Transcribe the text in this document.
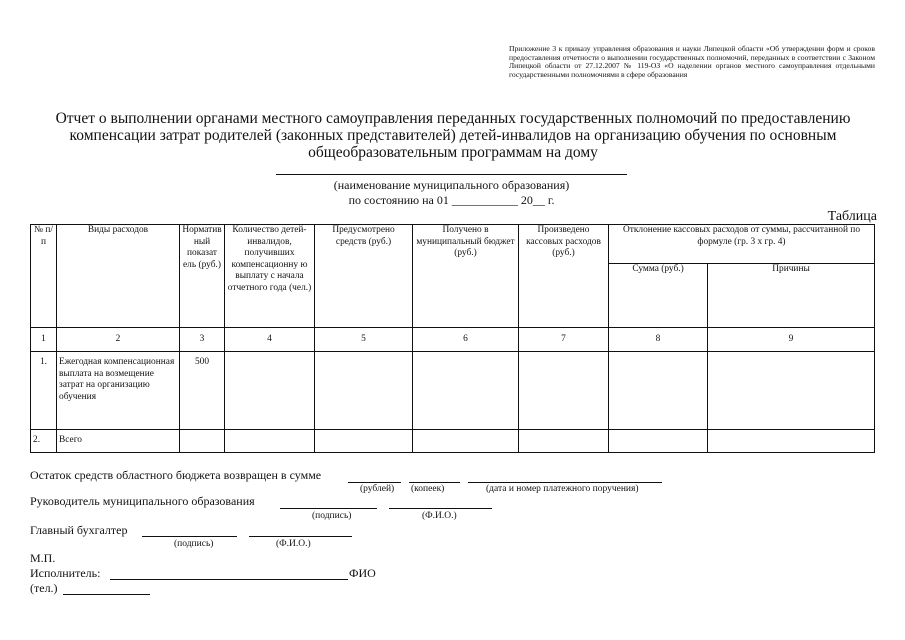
Приложение 3 к приказу управления образования и науки Липецкой области «Об утверждении форм и сроков предоставления отчетности о выполнении государственных полномочий, переданных в соответствии с Законом Липецкой области от 27.12.2007 № 119-ОЗ «О наделении органов местного самоуправления отдельными государственными полномочиями в сфере образования
Отчет о выполнении органами местного самоуправления переданных государственных полномочий по предоставлению компенсации затрат родителей (законных представителей) детей-инвалидов на организацию обучения по основным общеобразовательным программам на дому
(наименование муниципального образования)
по состоянию на 01 ___________ 20__ г.
Таблица
№ п/п	Виды расходов	Норматив ный показат ель (руб.)	Количество детей-инвалидов, получивших компенсационну ю выплату с начала отчетного года (чел.)	Предусмотрено средств (руб.)	Получено в муниципальный бюджет (руб.)	Произведено кассовых расходов (руб.)	Отклонение кассовых расходов от суммы, рассчитанной по формуле (гр. 3 х гр. 4)	
							Сумма (руб.)	Причины
1	2	3	4	5	6	7	8	9
1.	Ежегодная компенсационная выплата на возмещение затрат на организацию обучения	500						
2.	Всего							
Остаток средств областного бюджета возвращен в сумме
(рублей) (копеек)	(дата и номер платежного поручения)
Руководитель муниципального образования
(подпись)	(Ф.И.О.)
Главный бухгалтер
(подпись)	(Ф.И.О.)
М.П.
Исполнитель:	ФИО
(тел.)
